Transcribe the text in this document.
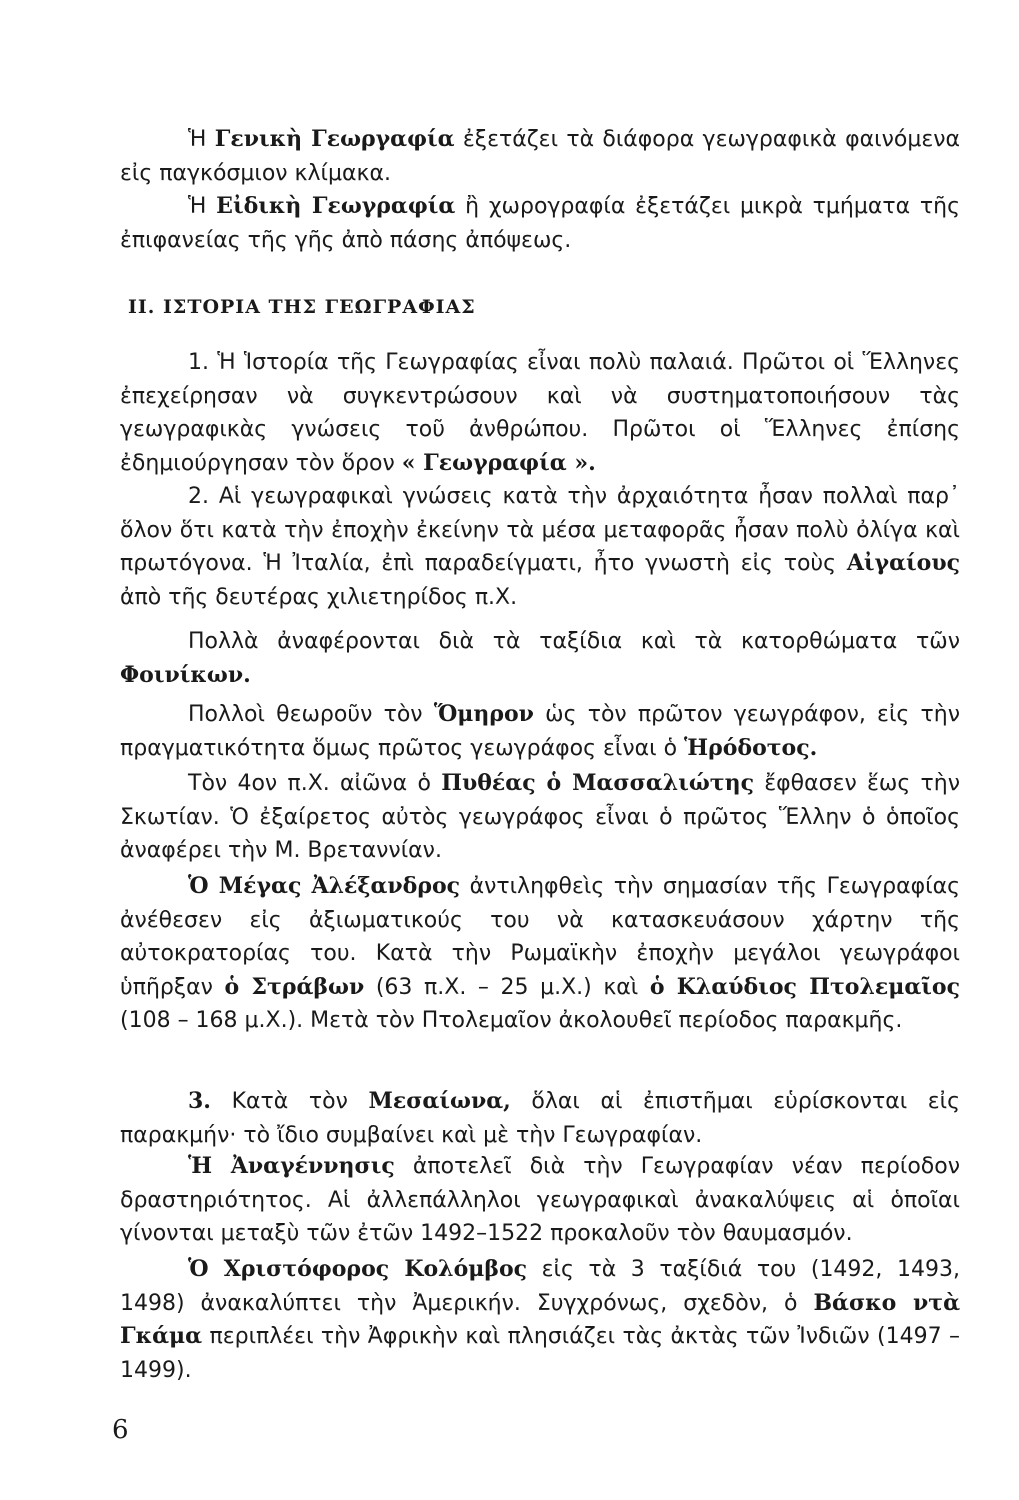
Ἡ Γενικὴ Γεωργαφία ἐξετάζει τὰ διάφορα γεωγραφικὰ φαινόμενα εἰς παγκόσμιον κλίμακα.

Ἡ Εἰδικὴ Γεωγραφία ἢ χωρογραφία ἐξετάζει μικρὰ τμήματα τῆς ἐπιφανείας τῆς γῆς ἀπὸ πάσης ἀπόψεως.

ΙΙ. ΙΣΤΟΡΙΑ ΤΗΣ ΓΕΩΓΡΑΦΙΑΣ

1. Ἡ Ἱστορία τῆς Γεωγραφίας εἶναι πολὺ παλαιά. Πρῶτοι οἱ Ἕλληνες ἐπεχείρησαν νὰ συγκεντρώσουν καὶ νὰ συστηματοποιήσουν τὰς γεωγραφικὰς γνώσεις τοῦ ἀνθρώπου. Πρῶτοι οἱ Ἕλληνες ἐπίσης ἐδημιούργησαν τὸν ὅρον « Γεωγραφία ».

2. Αἱ γεωγραφικαὶ γνώσεις κατὰ τὴν ἀρχαιότητα ἦσαν πολλαὶ παρ᾽ ὅλον ὅτι κατὰ τὴν ἐποχὴν ἐκείνην τὰ μέσα μεταφορᾶς ἦσαν πολὺ ὀλίγα καὶ πρωτόγονα. Ἡ Ἰταλία, ἐπὶ παραδείγματι, ἦτο γνωστὴ εἰς τοὺς Αἰγαίους ἀπὸ τῆς δευτέρας χιλιετηρίδος π.Χ.

Πολλὰ ἀναφέρονται διὰ τὰ ταξίδια καὶ τὰ κατορθώματα τῶν Φοινίκων.

Πολλοὶ θεωροῦν τὸν Ὅμηρον ὡς τὸν πρῶτον γεωγράφον, εἰς τὴν πραγματικότητα ὅμως πρῶτος γεωγράφος εἶναι ὁ Ἡρόδοτος.

Τὸν 4ον π.Χ. αἰῶνα ὁ Πυθέας ὁ Μασσαλιώτης ἔφθασεν ἕως τὴν Σκωτίαν. Ὁ ἐξαίρετος αὐτὸς γεωγράφος εἶναι ὁ πρῶτος Ἕλλην ὁ ὁποῖος ἀναφέρει τὴν Μ. Βρεταννίαν.

Ὁ Μέγας Ἀλέξανδρος ἀντιληφθεὶς τὴν σημασίαν τῆς Γεωγραφίας ἀνέθεσεν εἰς ἀξιωματικούς του νὰ κατασκευάσουν χάρτην τῆς αὐτοκρατορίας του. Κατὰ τὴν Ρωμαϊκὴν ἐποχὴν μεγάλοι γεωγράφοι ὑπῆρξαν ὁ Στράβων (63 π.Χ. – 25 μ.Χ.) καὶ ὁ Κλαύδιος Πτολεμαῖος (108 – 168 μ.Χ.). Μετὰ τὸν Πτολεμαῖον ἀκολουθεῖ περίοδος παρακμῆς.

3. Κατὰ τὸν Μεσαίωνα, ὅλαι αἱ ἐπιστῆμαι εὑρίσκονται εἰς παρακμήν· τὸ ἴδιο συμβαίνει καὶ μὲ τὴν Γεωγραφίαν.

Ἡ Ἀναγέννησις ἀποτελεῖ διὰ τὴν Γεωγραφίαν νέαν περίοδον δραστηριότητος. Αἱ ἀλλεπάλληλοι γεωγραφικαὶ ἀνακαλύψεις αἱ ὁποῖαι γίνονται μεταξὺ τῶν ἐτῶν 1492–1522 προκαλοῦν τὸν θαυμασμόν.

Ὁ Χριστόφορος Κολόμβος εἰς τὰ 3 ταξίδιά του (1492, 1493, 1498) ἀνακαλύπτει τὴν Ἀμερικήν. Συγχρόνως, σχεδὸν, ὁ Βάσκο ντὰ Γκάμα περιπλέει τὴν Ἀφρικὴν καὶ πλησιάζει τὰς ἀκτὰς τῶν Ἰνδιῶν (1497 – 1499).

6
